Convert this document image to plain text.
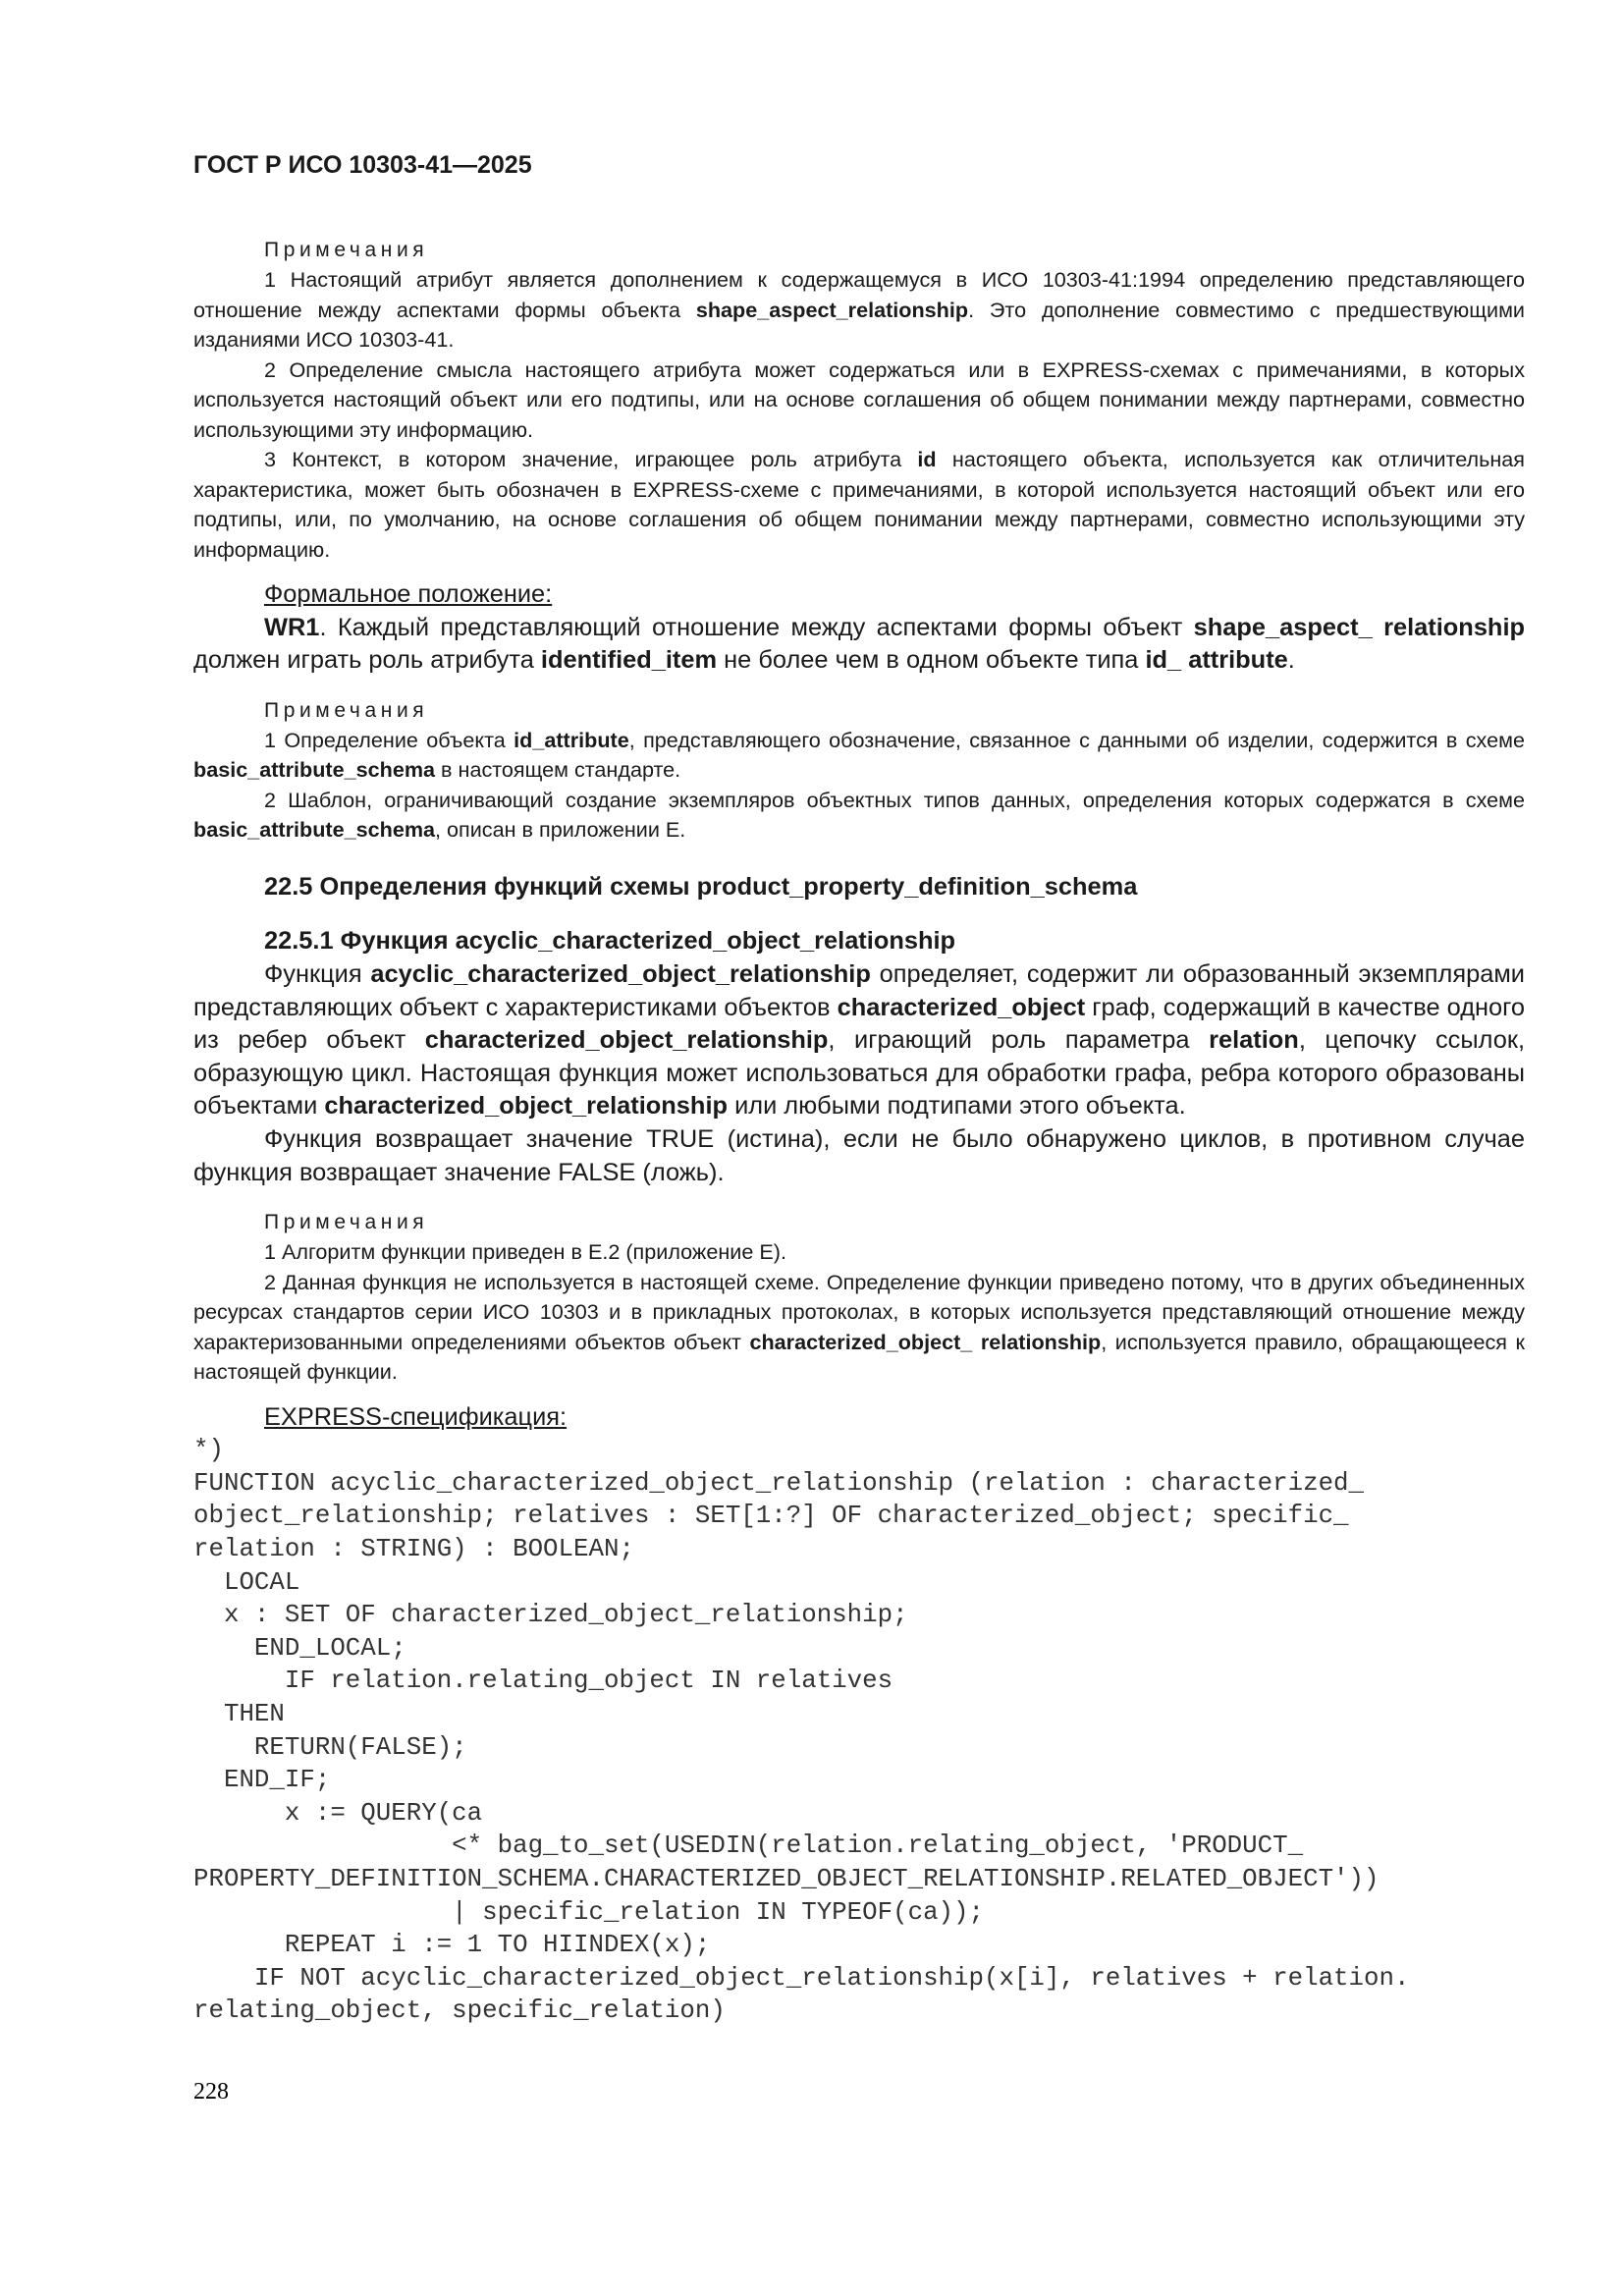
ГОСТ Р ИСО 10303-41—2025
Примечания

1 Настоящий атрибут является дополнением к содержащемуся в ИСО 10303-41:1994 определению представляющего отношение между аспектами формы объекта shape_aspect_relationship. Это дополнение совместимо с предшествующими изданиями ИСО 10303-41.

2 Определение смысла настоящего атрибута может содержаться или в EXPRESS-схемах с примечаниями, в которых используется настоящий объект или его подтипы, или на основе соглашения об общем понимании между партнерами, совместно использующими эту информацию.

3 Контекст, в котором значение, играющее роль атрибута id настоящего объекта, используется как отличительная характеристика, может быть обозначен в EXPRESS-схеме с примечаниями, в которой используется настоящий объект или его подтипы, или, по умолчанию, на основе соглашения об общем понимании между партнерами, совместно использующими эту информацию.

Формальное положение:

WR1. Каждый представляющий отношение между аспектами формы объект shape_aspect_ relationship должен играть роль атрибута identified_item не более чем в одном объекте типа id_ attribute.

Примечания

1 Определение объекта id_attribute, представляющего обозначение, связанное с данными об изделии, содержится в схеме basic_attribute_schema в настоящем стандарте.

2 Шаблон, ограничивающий создание экземпляров объектных типов данных, определения которых содержатся в схеме basic_attribute_schema, описан в приложении Е.

22.5 Определения функций схемы product_property_definition_schema
22.5.1 Функция acyclic_characterized_object_relationship

Функция acyclic_characterized_object_relationship определяет, содержит ли образованный экземплярами представляющих объект с характеристиками объектов characterized_object граф, содержащий в качестве одного из ребер объект characterized_object_relationship, играющий роль параметра relation, цепочку ссылок, образующую цикл. Настоящая функция может использоваться для обработки графа, ребра которого образованы объектами characterized_object_relationship или любыми подтипами этого объекта.

Функция возвращает значение TRUE (истина), если не было обнаружено циклов, в противном случае функция возвращает значение FALSE (ложь).

Примечания

1 Алгоритм функции приведен в Е.2 (приложение Е).

2 Данная функция не используется в настоящей схеме. Определение функции приведено потому, что в других объединенных ресурсах стандартов серии ИСО 10303 и в прикладных протоколах, в которых используется представляющий отношение между характеризованными определениями объектов объект characterized_object_ relationship, используется правило, обращающееся к настоящей функции.

EXPRESS-спецификация:
*)
FUNCTION acyclic_characterized_object_relationship (relation : characterized_
object_relationship; relatives : SET[1:?] OF characterized_object; specific_
relation : STRING) : BOOLEAN;
LOCAL
x : SET OF characterized_object_relationship;
END_LOCAL;
IF relation.relating_object IN relatives
THEN
RETURN(FALSE);
END_IF;
x := QUERY(ca
<* bag_to_set(USEDIN(relation.relating_object, 'PRODUCT_
PROPERTY_DEFINITION_SCHEMA.CHARACTERIZED_OBJECT_RELATIONSHIP.RELATED_OBJECT'))
| specific_relation IN TYPEOF(ca));
REPEAT i := 1 TO HIINDEX(x);
IF NOT acyclic_characterized_object_relationship(x[i], relatives + relation.
relating_object, specific_relation)
228
